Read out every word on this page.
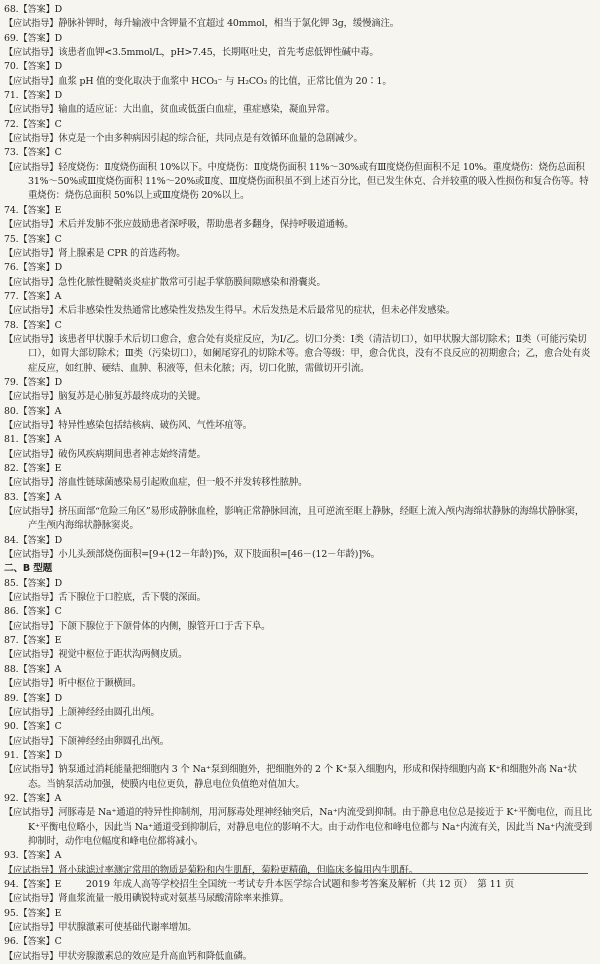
68.【答案】D
【应试指导】静脉补钾时，每升输液中含钾量不宜超过 40mmol，相当于氯化钾 3g，缓慢滴注。
69.【答案】D
【应试指导】该患者血钾<3.5mmol/L，pH>7.45，长期呕吐史，首先考虑低钾性碱中毒。
70.【答案】D
【应试指导】血浆 pH 值的变化取决于血浆中 HCO₃⁻ 与 H₂CO₃ 的比值，正常比值为 20∶1。
71.【答案】D
【应试指导】输血的适应证：大出血，贫血或低蛋白血症，重症感染，凝血异常。
72.【答案】C
【应试指导】休克是一个由多种病因引起的综合征，共同点是有效循环血量的急剧减少。
73.【答案】C
【应试指导】轻度烧伤：Ⅱ度烧伤面积 10%以下。中度烧伤：Ⅱ度烧伤面积 11%～30%或有Ⅲ度烧伤但面积不足 10%。重度烧伤：烧伤总面积 31%～50%或Ⅲ度烧伤面积 11%～20%或Ⅱ度、Ⅲ度烧伤面积虽不到上述百分比，但已发生休克、合并较重的吸入性损伤和复合伤等。特重烧伤：烧伤总面积 50%以上或Ⅲ度烧伤 20%以上。
74.【答案】E
【应试指导】术后并发肺不张应鼓励患者深呼吸，帮助患者多翻身，保持呼吸道通畅。
75.【答案】C
【应试指导】肾上腺素是 CPR 的首选药物。
76.【答案】D
【应试指导】急性化脓性腱鞘炎炎症扩散常可引起手掌筋膜间隙感染和滑囊炎。
77.【答案】A
【应试指导】术后非感染性发热通常比感染性发热发生得早。术后发热是术后最常见的症状，但未必伴发感染。
78.【答案】C
【应试指导】该患者甲状腺手术后切口愈合，愈合处有炎症反应，为Ⅰ/乙。切口分类：Ⅰ类（清洁切口），如甲状腺大部切除术；Ⅱ类（可能污染切口），如胃大部切除术；Ⅲ类（污染切口），如阑尾穿孔的切除术等。愈合等级：甲，愈合优良，没有不良反应的初期愈合；乙，愈合处有炎症反应，如红肿、硬结、血肿、积液等，但未化脓；丙，切口化脓，需做切开引流。
79.【答案】D
【应试指导】脑复苏是心肺复苏最终成功的关键。
80.【答案】A
【应试指导】特异性感染包括结核病、破伤风、气性坏疽等。
81.【答案】A
【应试指导】破伤风疾病期间患者神志始终清楚。
82.【答案】E
【应试指导】溶血性链球菌感染易引起败血症，但一般不并发转移性脓肿。
83.【答案】A
【应试指导】挤压面部“危险三角区”易形成静脉血栓，影响正常静脉回流，且可逆流至眶上静脉，经眶上流入颅内海绵状静脉的海绵状静脉窦，产生颅内海绵状静脉窦炎。
84.【答案】D
【应试指导】小儿头颈部烧伤面积=[9+(12－年龄)]%，双下肢面积=[46－(12－年龄)]%。
二、B 型题
85.【答案】D
【应试指导】舌下腺位于口腔底，舌下襞的深面。
86.【答案】C
【应试指导】下颌下腺位于下颌骨体的内侧，腺管开口于舌下阜。
87.【答案】E
【应试指导】视觉中枢位于距状沟两侧皮质。
88.【答案】A
【应试指导】听中枢位于颞横回。
89.【答案】D
【应试指导】上颌神经经由圆孔出颅。
90.【答案】C
【应试指导】下颌神经经由卵圆孔出颅。
91.【答案】D
【应试指导】钠泵通过消耗能量把细胞内 3 个 Na⁺泵到细胞外，把细胞外的 2 个 K⁺泵入细胞内，形成和保持细胞内高 K⁺和细胞外高 Na⁺状态。当钠泵活动加强，使膜内电位更负，静息电位负值绝对值加大。
92.【答案】A
【应试指导】河豚毒是 Na⁺通道的特异性抑制剂，用河豚毒处理神经轴突后，Na⁺内流受到抑制。由于静息电位总是接近于 K⁺平衡电位，而且比 K⁺平衡电位略小，因此当 Na⁺通道受到抑制后，对静息电位的影响不大。由于动作电位和峰电位都与 Na⁺内流有关，因此当 Na⁺内流受到抑制时，动作电位幅度和峰电位都将减小。
93.【答案】A
【应试指导】肾小球滤过率测定常用的物质是菊粉和内生肌酐，菊粉更精确，但临床多偏用内生肌酐。
94.【答案】E
【应试指导】肾血浆流量一般用碘锐特或对氨基马尿酸清除率来推算。
95.【答案】E
【应试指导】甲状腺激素可使基础代谢率增加。
96.【答案】C
【应试指导】甲状旁腺激素总的效应是升高血钙和降低血磷。
2019 年成人高等学校招生全国统一考试专升本医学综合试题和参考答案及解析（共 12 页）　第 11 页
